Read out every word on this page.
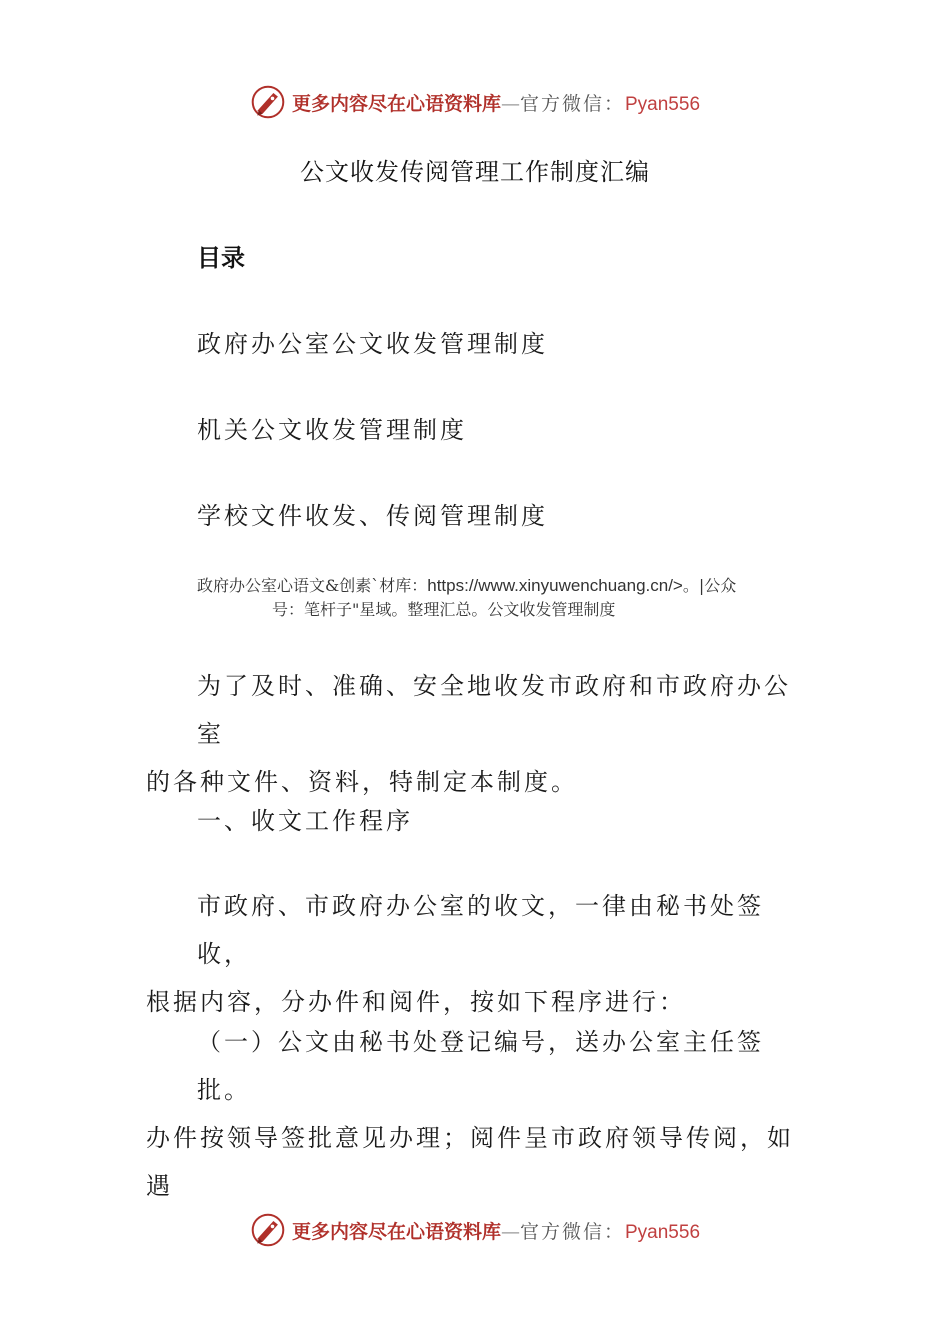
更多内容尽在心语资料库—官方微信：Pyan556
公文收发传阅管理工作制度汇编
目录
政府办公室公文收发管理制度
机关公文收发管理制度
学校文件收发、传阅管理制度
政府办公室心语文&创素`材库：https://www.xinyuwenchuang.cn/>。|公众
号：笔杆子"星域。整理汇总。公文收发管理制度
为了及时、准确、安全地收发市政府和市政府办公室
的各种文件、资料，特制定本制度。
一、收文工作程序
市政府、市政府办公室的收文，一律由秘书处签收，
根据内容，分办件和阅件，按如下程序进行：
（一）公文由秘书处登记编号，送办公室主任签批。
办件按领导签批意见办理；阅件呈市政府领导传阅，如遇
更多内容尽在心语资料库—官方微信：Pyan556
